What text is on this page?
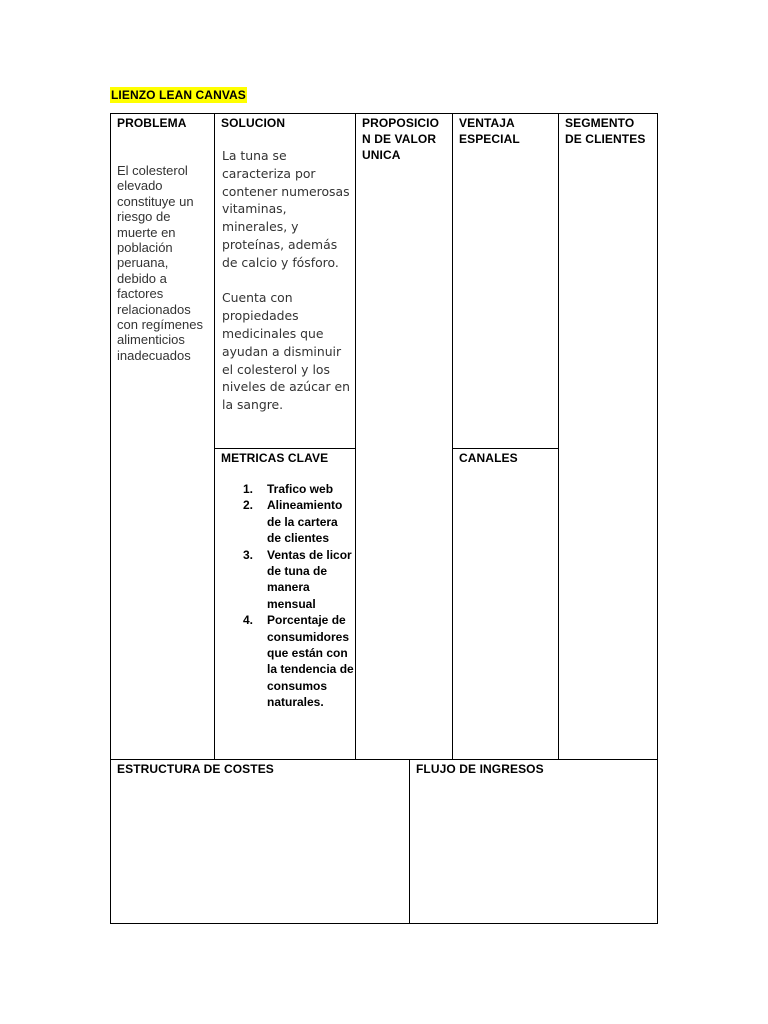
LIENZO LEAN CANVAS
PROBLEMA
El colesterol elevado constituye un riesgo de muerte en población peruana, debido a factores relacionados con regímenes alimenticios inadecuados
SOLUCION

La tuna se caracteriza por contener numerosas vitaminas, minerales, y proteínas, además de calcio y fósforo.

Cuenta con propiedades medicinales que ayudan a disminuir el colesterol y los niveles de azúcar en la sangre.

METRICAS CLAVE
1. Trafico web
2. Alineamiento de la cartera de clientes
3. Ventas de licor de tuna de manera mensual
4. Porcentaje de consumidores que están con la tendencia de consumos naturales.
PROPOSICIO N DE VALOR UNICA
VENTAJA ESPECIAL
CANALES
SEGMENTO DE CLIENTES
ESTRUCTURA DE COSTES	FLUJO DE INGRESOS
